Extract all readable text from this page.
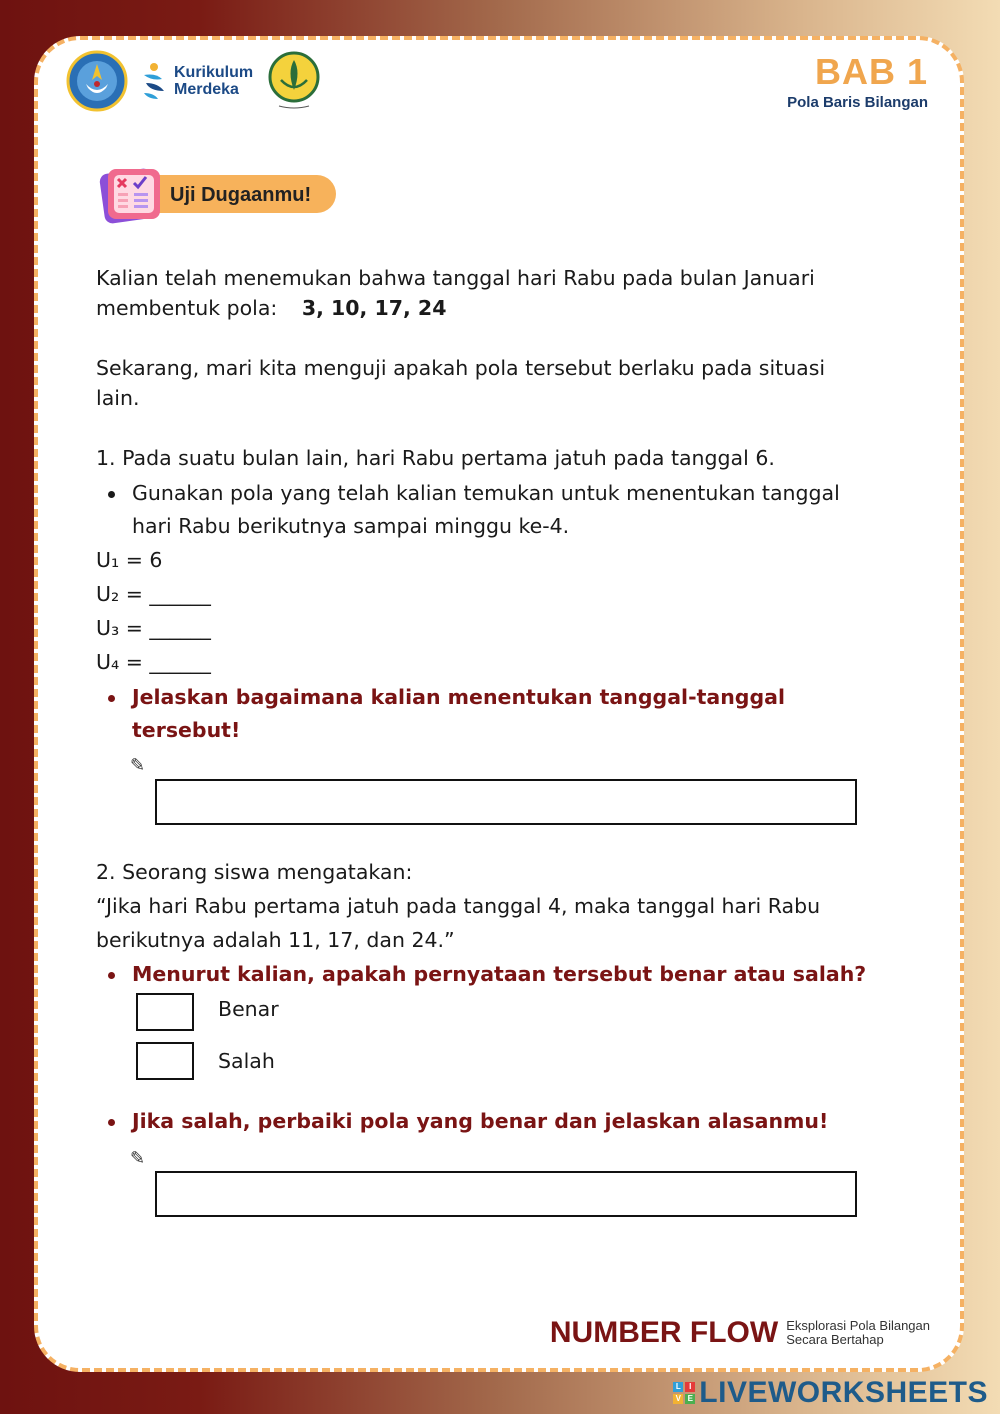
Kurikulum
Merdeka	BAB 1
Pola Baris Bilangan
Uji Dugaanmu!
Kalian telah menemukan bahwa tanggal hari Rabu pada bulan Januari
membentuk pola: 3, 10, 17, 24
Sekarang, mari kita menguji apakah pola tersebut berlaku pada situasi
lain.
1. Pada suatu bulan lain, hari Rabu pertama jatuh pada tanggal 6.
Gunakan pola yang telah kalian temukan untuk menentukan tanggal
hari Rabu berikutnya sampai minggu ke-4.
U₁ = 6
U₂ = ______
U₃ = ______
U₄ = ______
Jelaskan bagaimana kalian menentukan tanggal-tanggal
tersebut!
✎
2. Seorang siswa mengatakan:
“Jika hari Rabu pertama jatuh pada tanggal 4, maka tanggal hari Rabu
berikutnya adalah 11, 17, dan 24.”
Menurut kalian, apakah pernyataan tersebut benar atau salah?
Benar
Salah
Jika salah, perbaiki pola yang benar dan jelaskan alasanmu!
✎
NUMBER FLOW Eksplorasi Pola Bilangan
Secara Bertahap
L	I
V E LIVEWORKSHEETS
